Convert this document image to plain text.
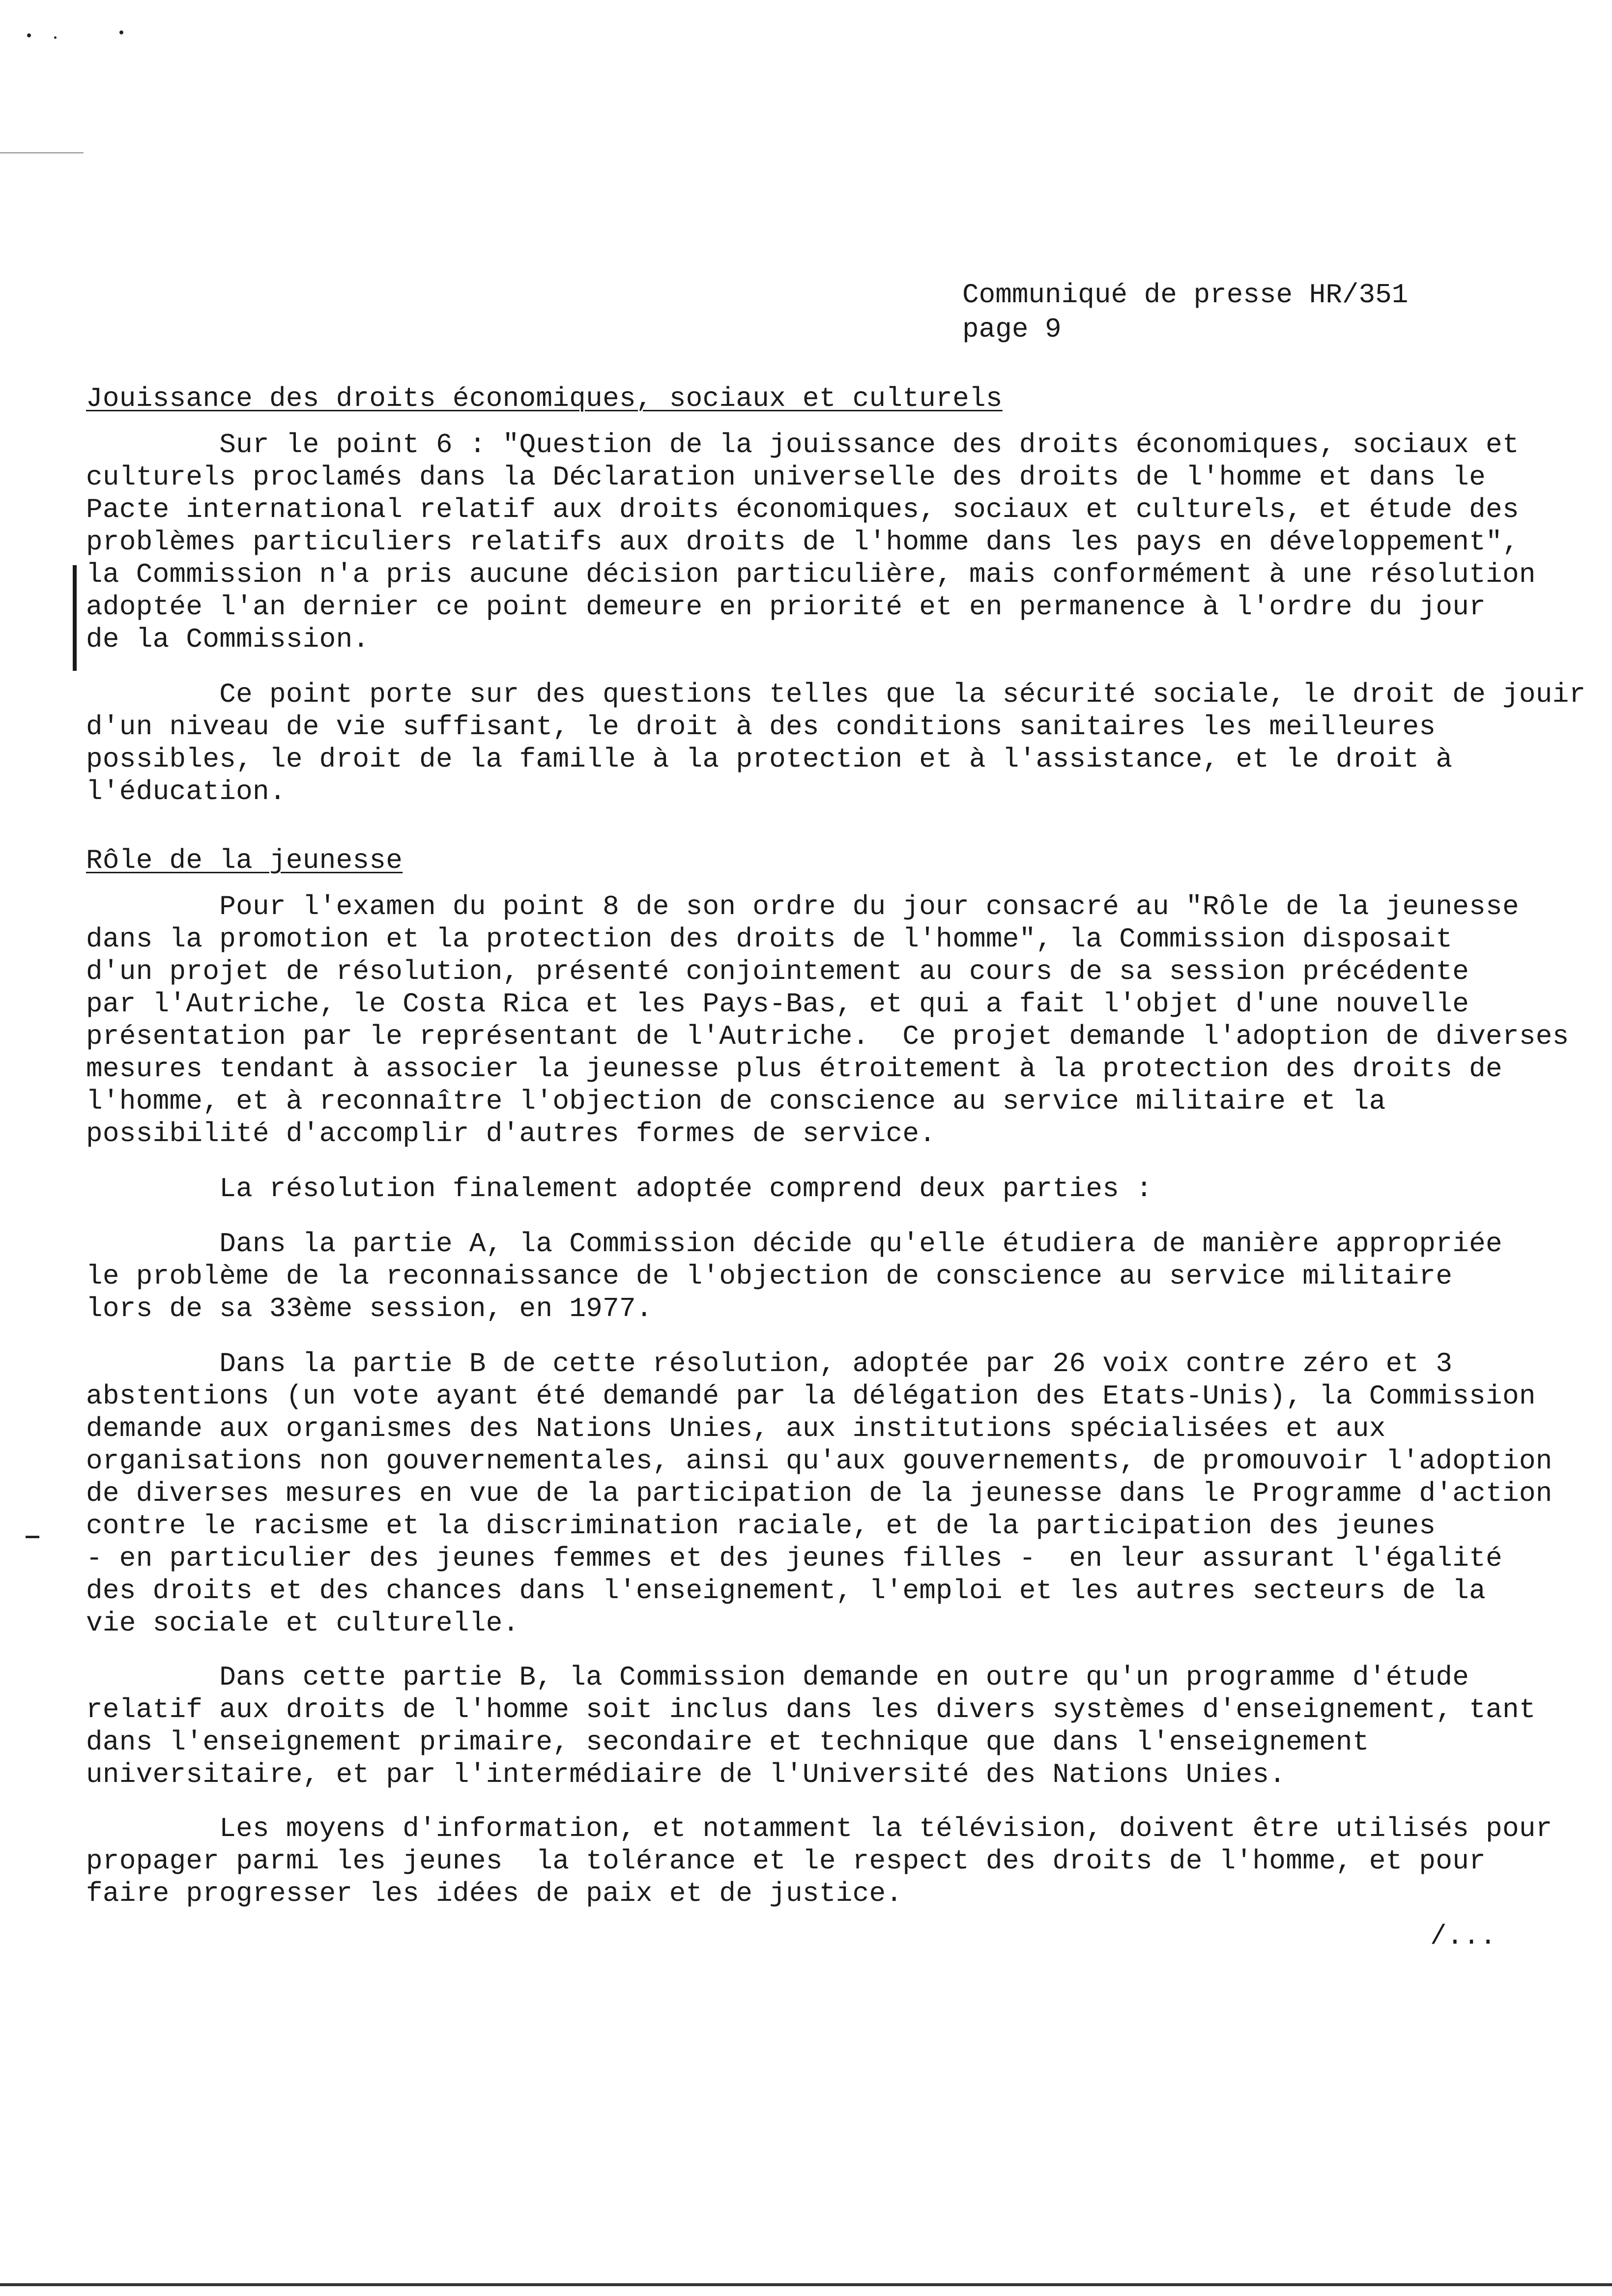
Communiqué de presse HR/351
page 9
Jouissance des droits économiques, sociaux et culturels
Sur le point 6 : "Question de la jouissance des droits économiques, sociaux et
culturels proclamés dans la Déclaration universelle des droits de l'homme et dans le
Pacte international relatif aux droits économiques, sociaux et culturels, et étude des
problèmes particuliers relatifs aux droits de l'homme dans les pays en développement",
la Commission n'a pris aucune décision particulière, mais conformément à une résolution
adoptée l'an dernier ce point demeure en priorité et en permanence à l'ordre du jour
de la Commission.
Ce point porte sur des questions telles que la sécurité sociale, le droit de jouir
d'un niveau de vie suffisant, le droit à des conditions sanitaires les meilleures
possibles, le droit de la famille à la protection et à l'assistance, et le droit à
l'éducation.
Rôle de la jeunesse
Pour l'examen du point 8 de son ordre du jour consacré au "Rôle de la jeunesse
dans la promotion et la protection des droits de l'homme", la Commission disposait
d'un projet de résolution, présenté conjointement au cours de sa session précédente
par l'Autriche, le Costa Rica et les Pays-Bas, et qui a fait l'objet d'une nouvelle
présentation par le représentant de l'Autriche.  Ce projet demande l'adoption de diverses
mesures tendant à associer la jeunesse plus étroitement à la protection des droits de
l'homme, et à reconnaître l'objection de conscience au service militaire et la
possibilité d'accomplir d'autres formes de service.
La résolution finalement adoptée comprend deux parties :
Dans la partie A, la Commission décide qu'elle étudiera de manière appropriée
le problème de la reconnaissance de l'objection de conscience au service militaire
lors de sa 33ème session, en 1977.
Dans la partie B de cette résolution, adoptée par 26 voix contre zéro et 3
abstentions (un vote ayant été demandé par la délégation des Etats-Unis), la Commission
demande aux organismes des Nations Unies, aux institutions spécialisées et aux
organisations non gouvernementales, ainsi qu'aux gouvernements, de promouvoir l'adoption
de diverses mesures en vue de la participation de la jeunesse dans le Programme d'action
contre le racisme et la discrimination raciale, et de la participation des jeunes
- en particulier des jeunes femmes et des jeunes filles -  en leur assurant l'égalité
des droits et des chances dans l'enseignement, l'emploi et les autres secteurs de la
vie sociale et culturelle.
Dans cette partie B, la Commission demande en outre qu'un programme d'étude
relatif aux droits de l'homme soit inclus dans les divers systèmes d'enseignement, tant
dans l'enseignement primaire, secondaire et technique que dans l'enseignement
universitaire, et par l'intermédiaire de l'Université des Nations Unies.
Les moyens d'information, et notamment la télévision, doivent être utilisés pour
propager parmi les jeunes  la tolérance et le respect des droits de l'homme, et pour
faire progresser les idées de paix et de justice.
/...
